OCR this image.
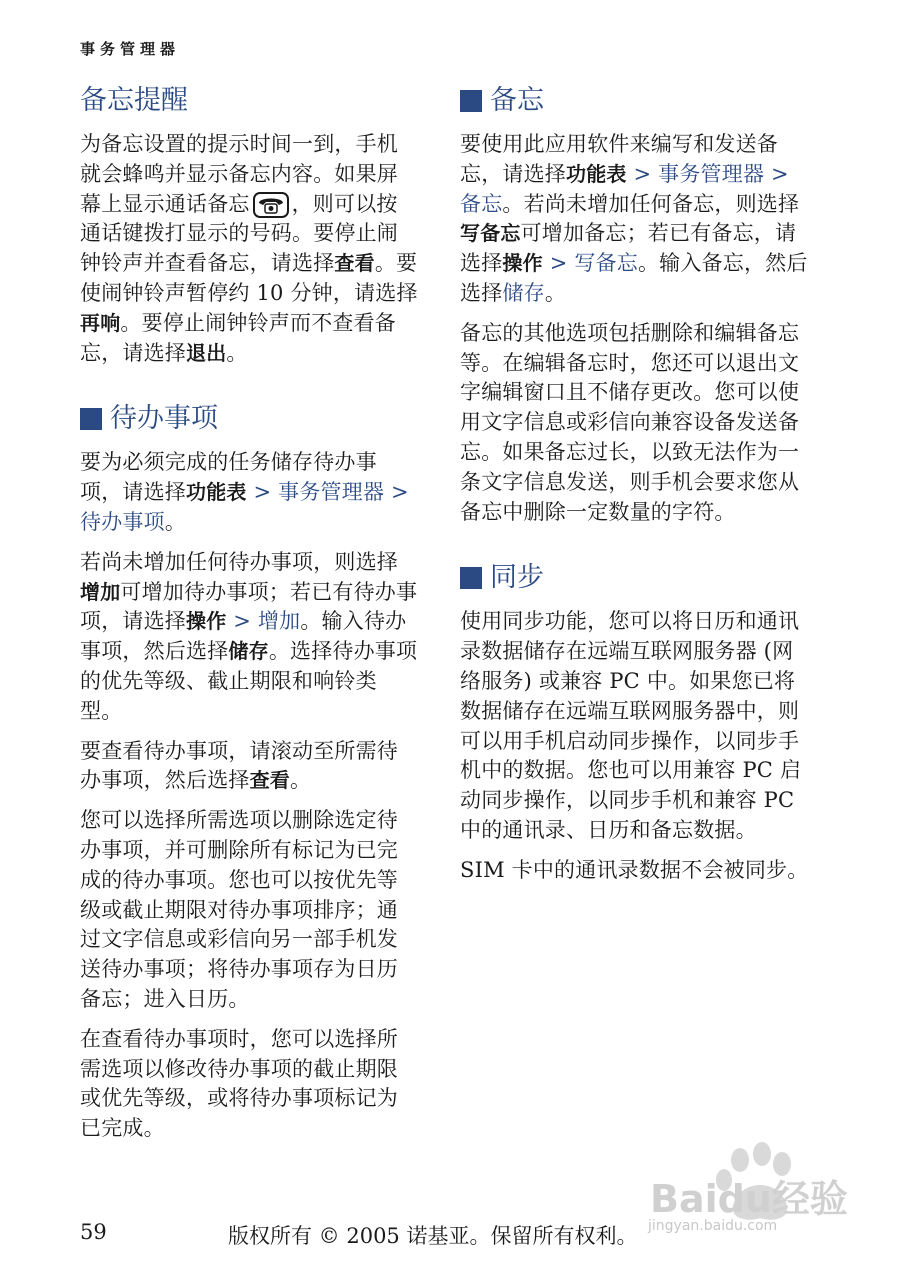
事务管理器
备忘提醒

为备忘设置的提示时间一到，手机就会蜂鸣并显示备忘内容。如果屏幕上显示通话备忘 ，则可以按通话键拨打显示的号码。要停止闹钟铃声并查看备忘，请选择查看。要使闹钟铃声暂停约 10 分钟，请选择再响。要停止闹钟铃声而不查看备忘，请选择退出。

待办事项

要为必须完成的任务储存待办事项，请选择功能表 > 事务管理器 > 待办事项。

若尚未增加任何待办事项，则选择增加可增加待办事项；若已有待办事项，请选择操作 > 增加。输入待办事项，然后选择储存。选择待办事项的优先等级、截止期限和响铃类型。

要查看待办事项，请滚动至所需待办事项，然后选择查看。

您可以选择所需选项以删除选定待办事项，并可删除所有标记为已完成的待办事项。您也可以按优先等级或截止期限对待办事项排序；通过文字信息或彩信向另一部手机发送待办事项；将待办事项存为日历备忘；进入日历。

在查看待办事项时，您可以选择所需选项以修改待办事项的截止期限或优先等级，或将待办事项标记为已完成。

备忘

要使用此应用软件来编写和发送备忘，请选择功能表 > 事务管理器 > 备忘。若尚未增加任何备忘，则选择写备忘可增加备忘；若已有备忘，请选择操作 > 写备忘。输入备忘，然后选择储存。

备忘的其他选项包括删除和编辑备忘等。在编辑备忘时，您还可以退出文字编辑窗口且不储存更改。您可以使用文字信息或彩信向兼容设备发送备忘。如果备忘过长，以致无法作为一条文字信息发送，则手机会要求您从备忘中删除一定数量的字符。

同步

使用同步功能，您可以将日历和通讯录数据储存在远端互联网服务器 (网络服务) 或兼容 PC 中。如果您已将数据储存在远端互联网服务器中，则可以用手机启动同步操作，以同步手机中的数据。您也可以用兼容 PC 启动同步操作，以同步手机和兼容 PC 中的通讯录、日历和备忘数据。

SIM 卡中的通讯录数据不会被同步。

Baidu经验
jingyan.baidu.com
59	版权所有 © 2005 诺基亚。保留所有权利。
